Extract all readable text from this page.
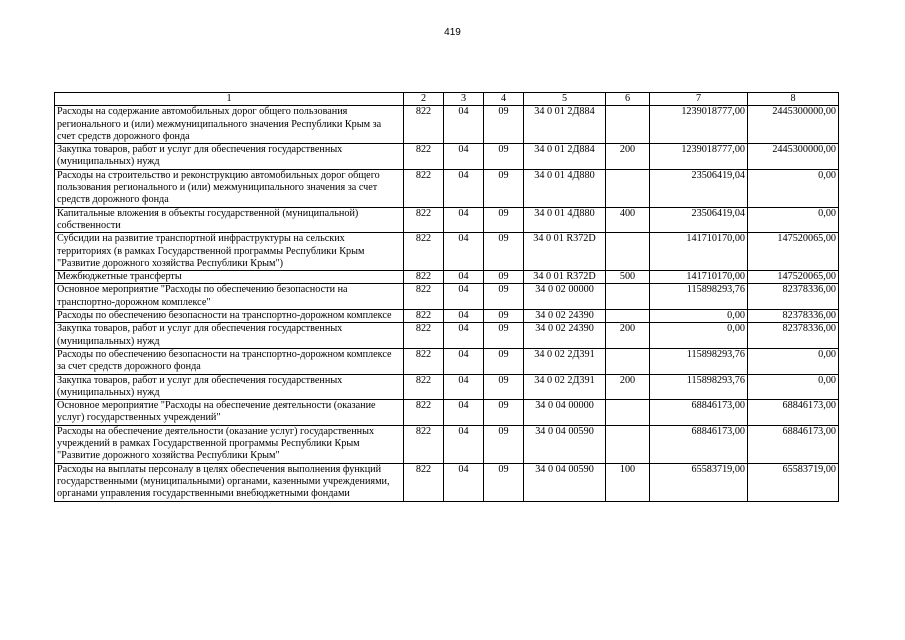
419
1	2	3	4	5	6	7	8
Расходы на содержание автомобильных дорог общего пользования регионального и (или) межмуниципального значения Республики Крым за счет средств дорожного фонда	822	04	09	34 0 01 2Д884		1239018777,00	2445300000,00
Закупка товаров, работ и услуг для обеспечения государственных (муниципальных) нужд	822	04	09	34 0 01 2Д884	200	1239018777,00	2445300000,00
Расходы на строительство и реконструкцию автомобильных дорог общего пользования регионального и (или) межмуниципального значения за счет средств дорожного фонда	822	04	09	34 0 01 4Д880		23506419,04	0,00
Капитальные вложения в объекты государственной (муниципальной) собственности	822	04	09	34 0 01 4Д880	400	23506419,04	0,00
Субсидии на развитие транспортной инфраструктуры на сельских территориях (в рамках Государственной программы Республики Крым "Развитие дорожного хозяйства Республики Крым")	822	04	09	34 0 01 R372D		141710170,00	147520065,00
Межбюджетные трансферты	822	04	09	34 0 01 R372D	500	141710170,00	147520065,00
Основное мероприятие "Расходы по обеспечению безопасности на транспортно-дорожном комплексе"	822	04	09	34 0 02 00000		115898293,76	82378336,00
Расходы по обеспечению безопасности на транспортно-дорожном комплексе	822	04	09	34 0 02 24390		0,00	82378336,00
Закупка товаров, работ и услуг для обеспечения государственных (муниципальных) нужд	822	04	09	34 0 02 24390	200	0,00	82378336,00
Расходы по обеспечению безопасности на транспортно-дорожном комплексе за счет средств дорожного фонда	822	04	09	34 0 02 2Д391		115898293,76	0,00
Закупка товаров, работ и услуг для обеспечения государственных (муниципальных) нужд	822	04	09	34 0 02 2Д391	200	115898293,76	0,00
Основное мероприятие "Расходы на обеспечение деятельности (оказание услуг) государственных учреждений"	822	04	09	34 0 04 00000		68846173,00	68846173,00
Расходы на обеспечение деятельности (оказание услуг) государственных учреждений в рамках Государственной программы Республики Крым "Развитие дорожного хозяйства Республики Крым"	822	04	09	34 0 04 00590		68846173,00	68846173,00
Расходы на выплаты персоналу в целях обеспечения выполнения функций государственными (муниципальными) органами, казенными учреждениями, органами управления государственными внебюджетными фондами	822	04	09	34 0 04 00590	100	65583719,00	65583719,00
